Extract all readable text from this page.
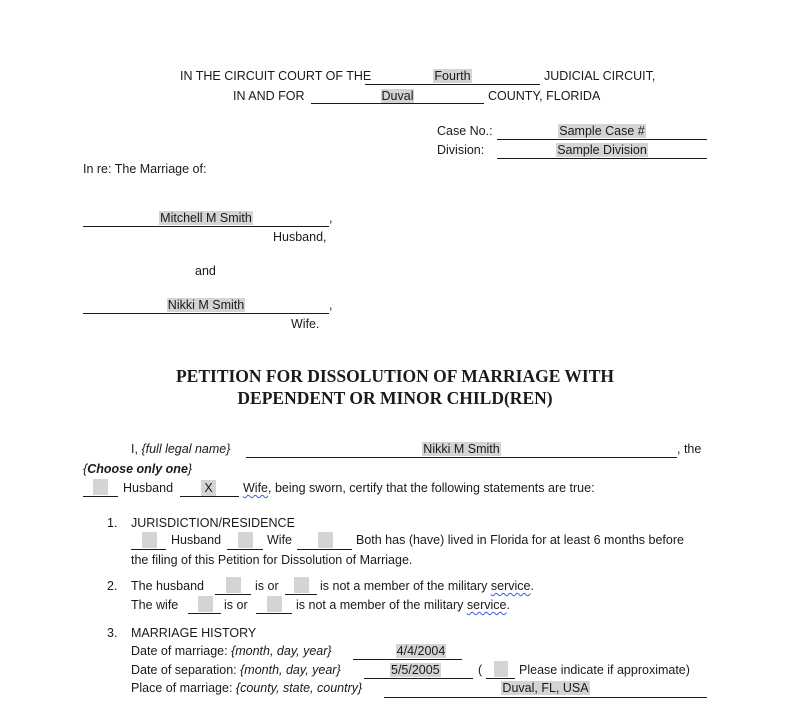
IN THE CIRCUIT COURT OF THE	Fourth	JUDICIAL CIRCUIT,
IN AND FOR	Duval	COUNTY, FLORIDA
Case No.:	Sample Case #
Division:	Sample Division
In re: The Marriage of:
Mitchell M Smith	,
Husband,
and
Nikki M Smith	,
Wife.
PETITION FOR DISSOLUTION OF MARRIAGE WITH
DEPENDENT OR MINOR CHILD(REN)
I, {full legal name}	Nikki M Smith	, the
{Choose only one}
Husband	X Wife, being sworn, certify that the following statements are true:
1. JURISDICTION/RESIDENCE
Husband	Wife	Both has (have) lived in Florida for at least 6 months before
the filing of this Petition for Dissolution of Marriage.
2. The husband	is or	is not a member of the military service.
The wife	is or	is not a member of the military service.
3. MARRIAGE HISTORY
Date of marriage: {month, day, year}	4/4/2004
Date of separation: {month, day, year}	5/5/2005	(	Please indicate if approximate)
Place of marriage: {county, state, country}	Duval, FL, USA
